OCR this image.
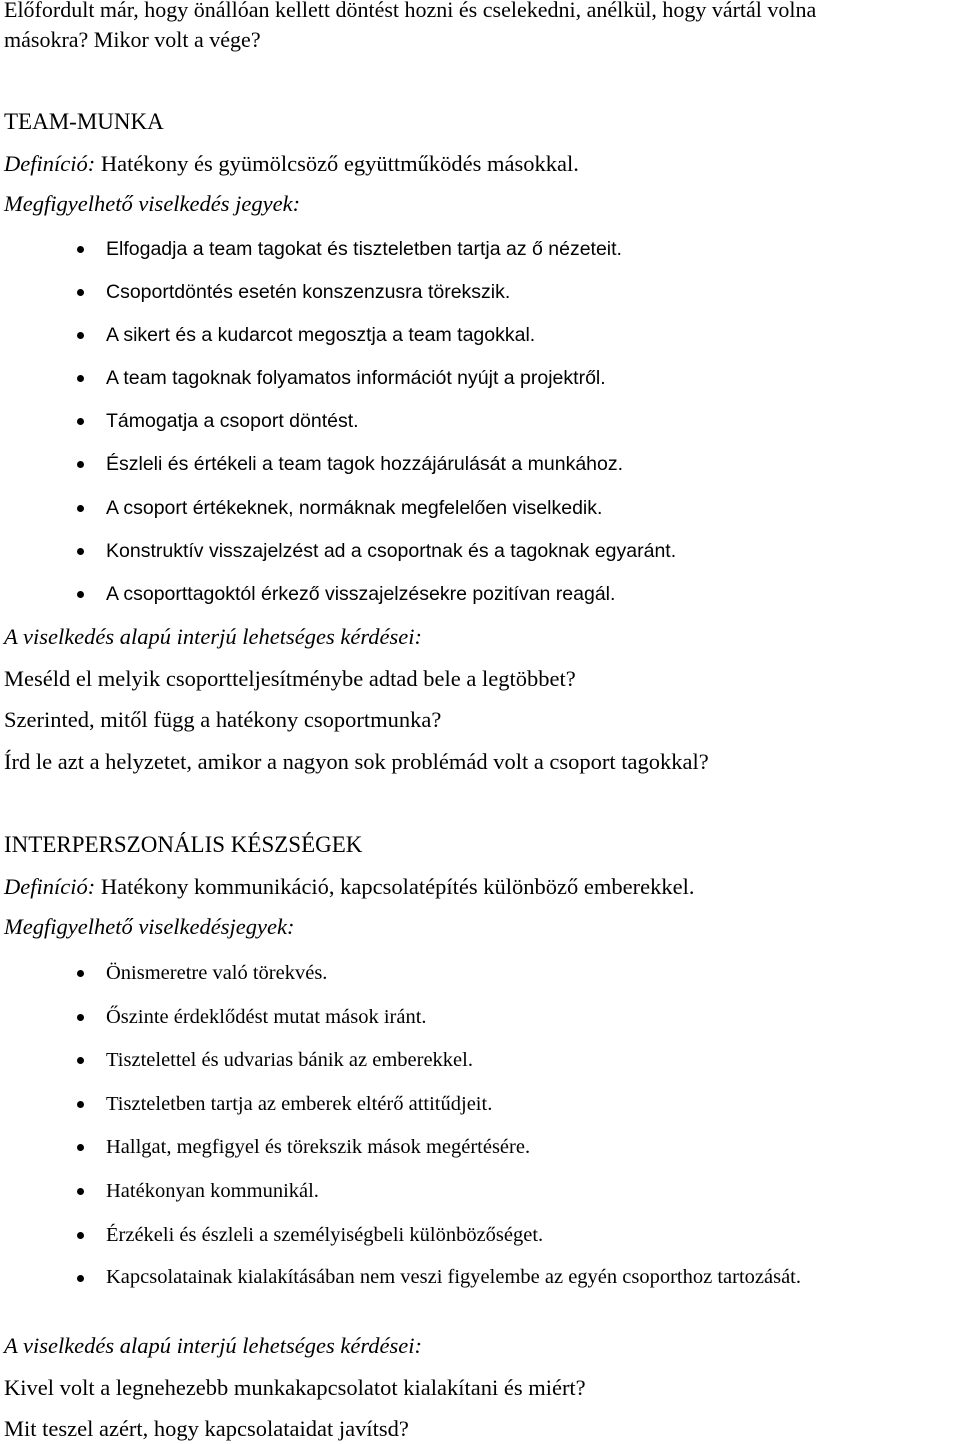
Előfordult már, hogy önállóan kellett döntést hozni és cselekedni, anélkül, hogy vártál volna
másokra? Mikor volt a vége?
TEAM-MUNKA
Definíció: Hatékony és gyümölcsöző együttműködés másokkal.
Megfigyelhető viselkedés jegyek:
Elfogadja a team tagokat és tiszteletben tartja az ő nézeteit.
Csoportdöntés esetén konszenzusra törekszik.
A sikert és a kudarcot megosztja a team tagokkal.
A team tagoknak folyamatos információt nyújt a projektről.
Támogatja a csoport döntést.
Észleli és értékeli a team tagok hozzájárulását a munkához.
A csoport értékeknek, normáknak megfelelően viselkedik.
Konstruktív visszajelzést ad a csoportnak és a tagoknak egyaránt.
A csoporttagoktól érkező visszajelzésekre pozitívan reagál.
A viselkedés alapú interjú lehetséges kérdései:
Meséld el melyik csoportteljesítménybe adtad bele a legtöbbet?
Szerinted, mitől függ a hatékony csoportmunka?
Írd le azt a helyzetet, amikor a nagyon sok problémád volt a csoport tagokkal?
INTERPERSZONÁLIS KÉSZSÉGEK
Definíció: Hatékony kommunikáció, kapcsolatépítés különböző emberekkel.
Megfigyelhető viselkedésjegyek:
Önismeretre való törekvés.
Őszinte érdeklődést mutat mások iránt.
Tisztelettel és udvarias bánik az emberekkel.
Tiszteletben tartja az emberek eltérő attitűdjeit.
Hallgat, megfigyel és törekszik mások megértésére.
Hatékonyan kommunikál.
Érzékeli és észleli a személyiségbeli különbözőséget.
Kapcsolatainak kialakításában nem veszi figyelembe az egyén csoporthoz tartozását.
A viselkedés alapú interjú lehetséges kérdései:
Kivel volt a legnehezebb munkakapcsolatot kialakítani és miért?
Mit teszel azért, hogy kapcsolataidat javítsd?
